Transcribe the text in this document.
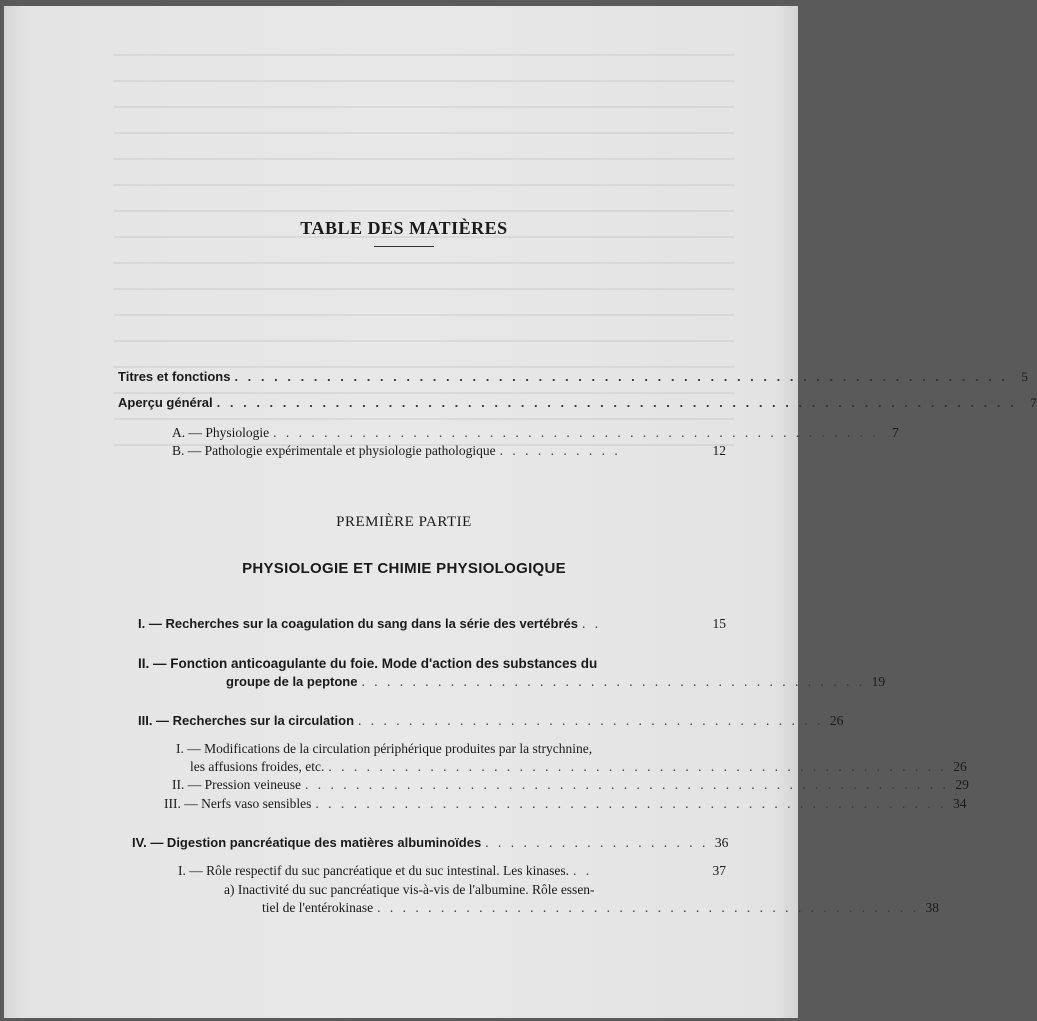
TABLE DES MATIÈRES
Titres et fonctions . . . . . . . . . . . . . . . . . . . . . . . . . . . . . . . . . . . . . . . . . . . . . . . . . . . . . . . . . . .	5
Aperçu général . . . . . . . . . . . . . . . . . . . . . . . . . . . . . . . . . . . . . . . . . . . . . . . . . . . . . . . . . . . . .	7
A. — Physiologie . . . . . . . . . . . . . . . . . . . . . . . . . . . . . . . . . . . . . . . . . . . . . . . . 7
B. — Pathologie expérimentale et physiologie pathologique . . . . . . . . . .	12
PREMIÈRE PARTIE
PHYSIOLOGIE ET CHIMIE PHYSIOLOGIQUE
I. — Recherches sur la coagulation du sang dans la série des vertébrés . .	15
II. — Fonction anticoagulante du foie. Mode d'action des substances du
groupe de la peptone . . . . . . . . . . . . . . . . . . . . . . . . . . . . . . . . . . . . . . . . 19
III. — Recherches sur la circulation . . . . . . . . . . . . . . . . . . . . . . . . . . . . . . . . . . . . . 26
I. — Modifications de la circulation périphérique produites par la strychnine,
les affusions froides, etc. . . . . . . . . . . . . . . . . . . . . . . . . . . . . . . . . . . . . . . . . . . . . . . . . . 26
II. — Pression veineuse . . . . . . . . . . . . . . . . . . . . . . . . . . . . . . . . . . . . . . . . . . . . . . . . . . . 29
III. — Nerfs vaso sensibles . . . . . . . . . . . . . . . . . . . . . . . . . . . . . . . . . . . . . . . . . . . . . . . . . . 34
IV. — Digestion pancréatique des matières albuminoïdes . . . . . . . . . . . . . . . . . . 36
I. — Rôle respectif du suc pancréatique et du suc intestinal. Les kinases. . .	37
a) Inactivité du suc pancréatique vis-à-vis de l'albumine. Rôle essen-
tiel de l'entérokinase . . . . . . . . . . . . . . . . . . . . . . . . . . . . . . . . . . . . . . . . . . . 38
